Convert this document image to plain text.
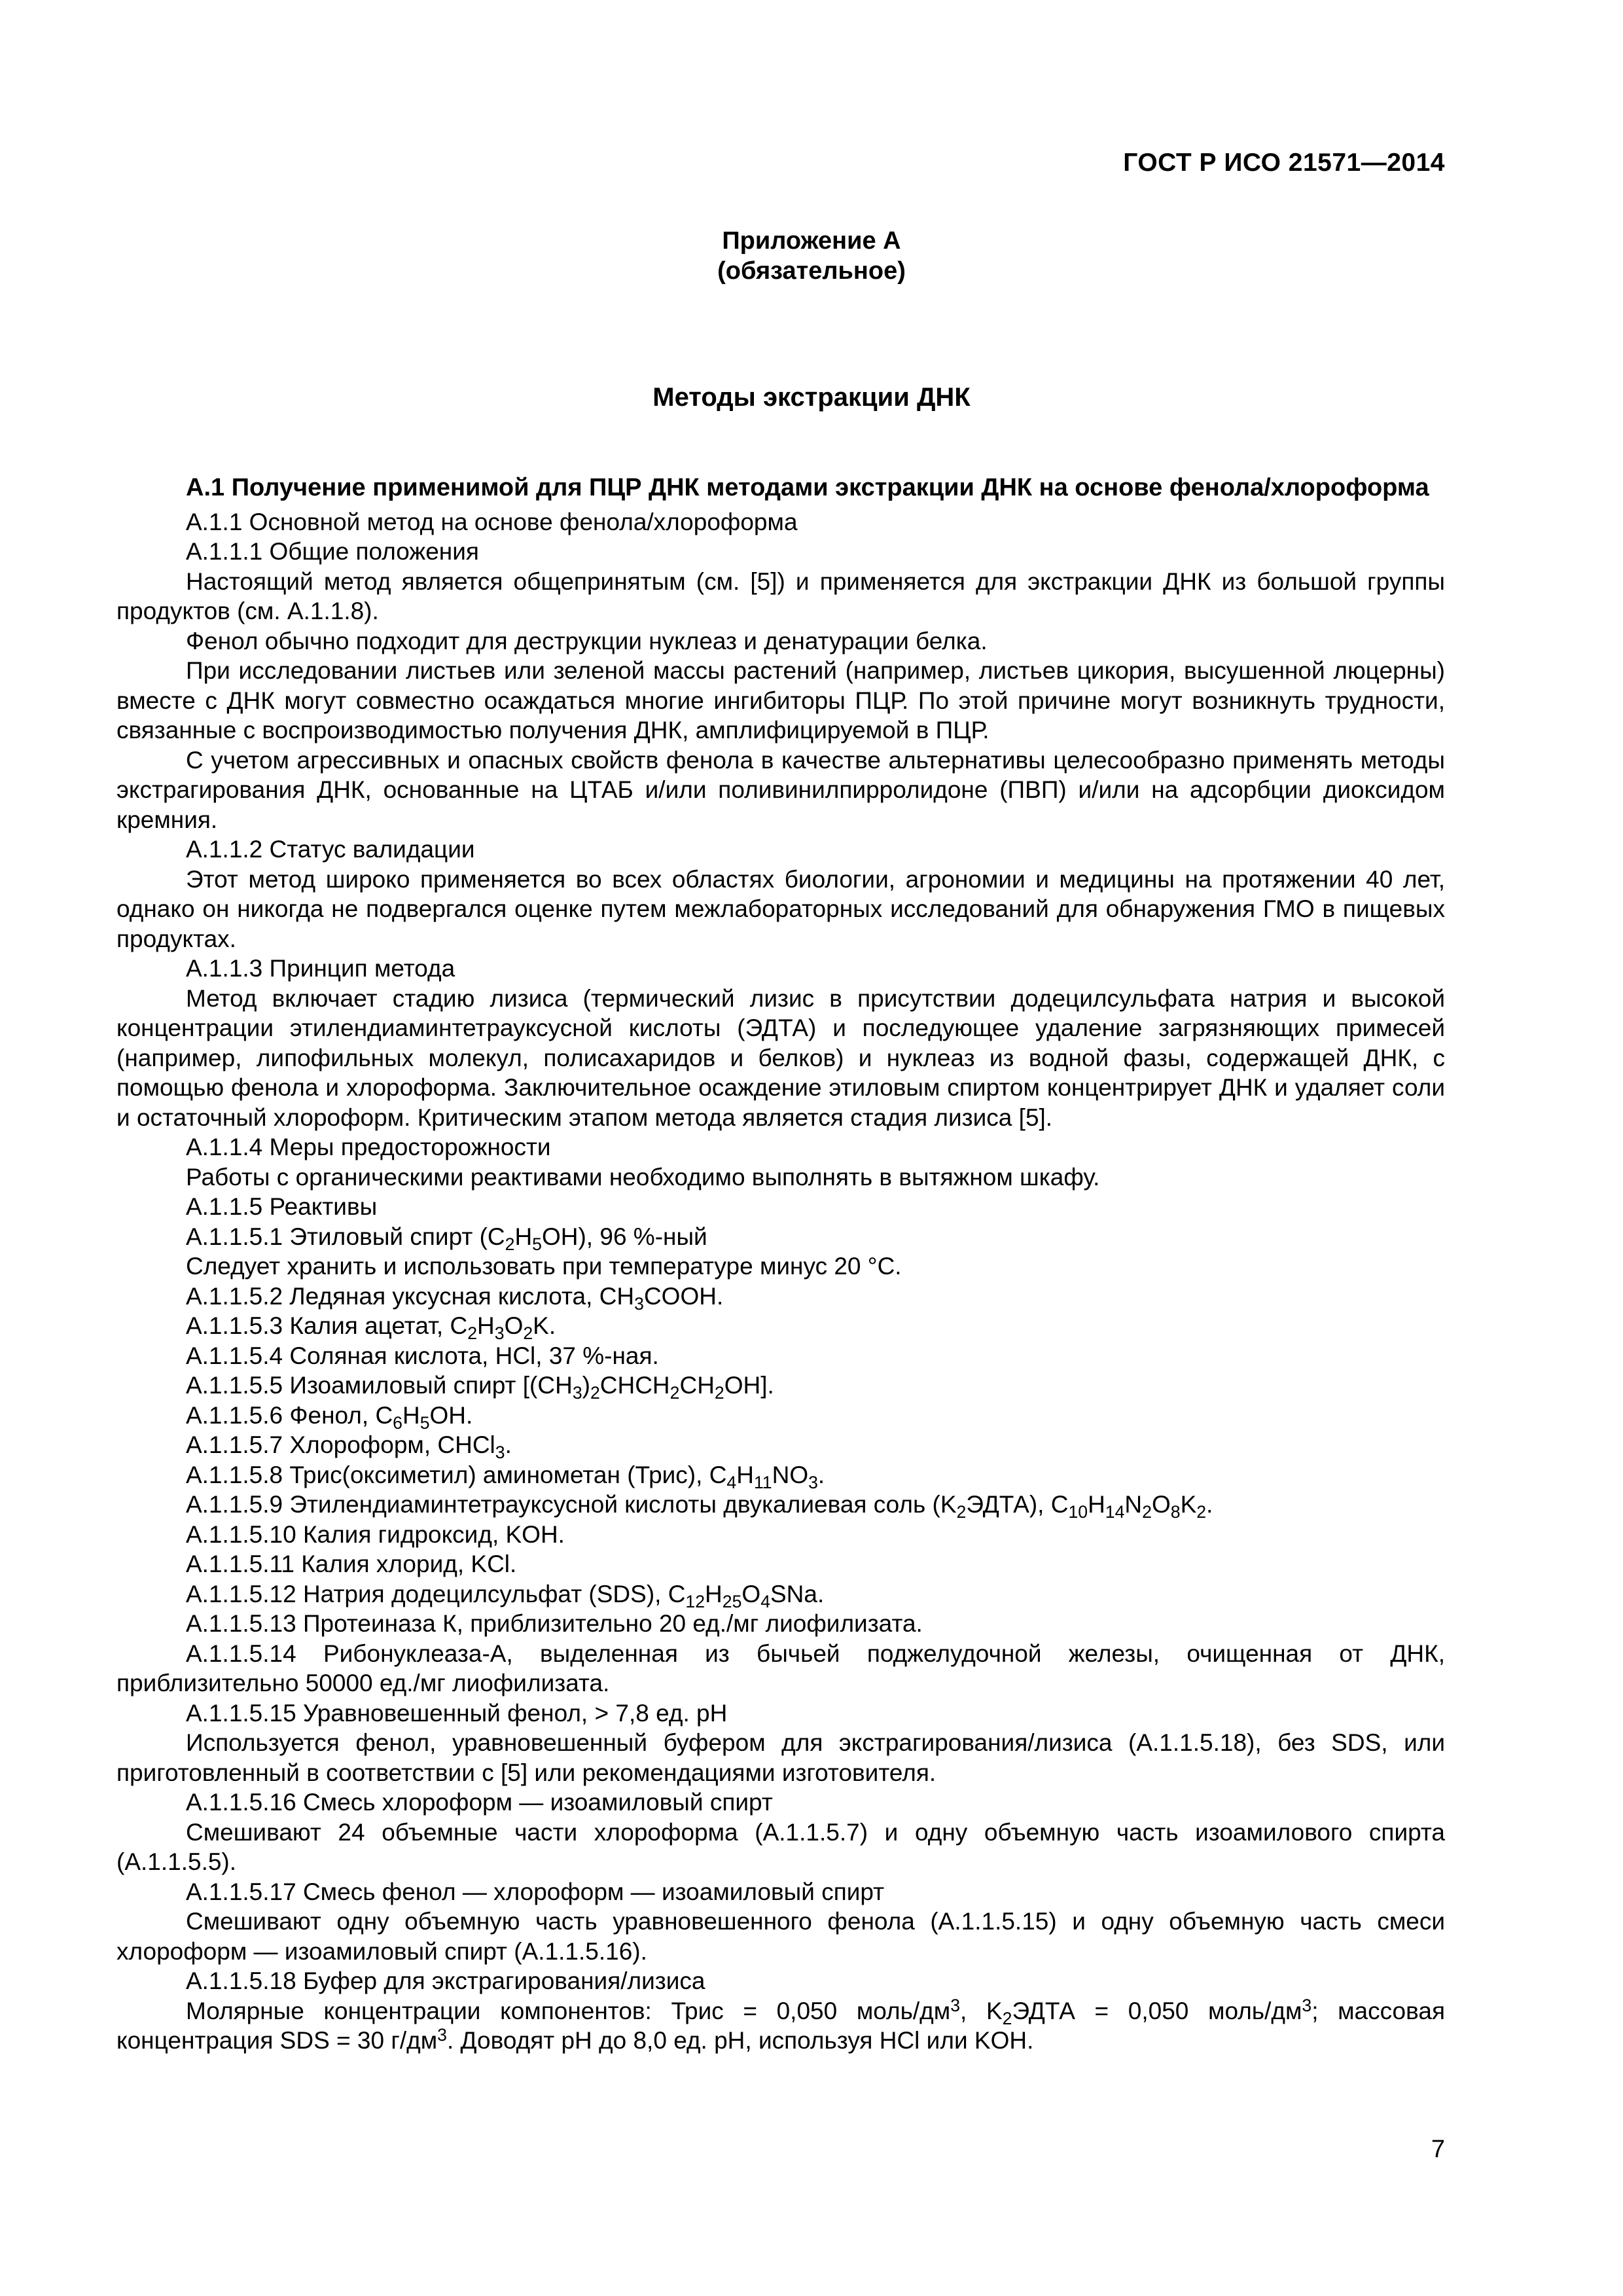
ГОСТ Р ИСО 21571—2014
Приложение А
(обязательное)
Методы экстракции ДНК

А.1 Получение применимой для ПЦР ДНК методами экстракции ДНК на основе фенола/хлороформа

А.1.1 Основной метод на основе фенола/хлороформа

А.1.1.1 Общие положения

Настоящий метод является общепринятым (см. [5]) и применяется для экстракции ДНК из большой группы продуктов (см. А.1.1.8).

Фенол обычно подходит для деструкции нуклеаз и денатурации белка.

При исследовании листьев или зеленой массы растений (например, листьев цикория, высушенной люцерны) вместе с ДНК могут совместно осаждаться многие ингибиторы ПЦР. По этой причине могут возникнуть трудности, связанные с воспроизводимостью получения ДНК, амплифицируемой в ПЦР.

С учетом агрессивных и опасных свойств фенола в качестве альтернативы целесообразно применять методы экстрагирования ДНК, основанные на ЦТАБ и/или поливинилпирролидоне (ПВП) и/или на адсорбции диоксидом кремния.

А.1.1.2 Статус валидации

Этот метод широко применяется во всех областях биологии, агрономии и медицины на протяжении 40 лет, однако он никогда не подвергался оценке путем межлабораторных исследований для обнаружения ГМО в пищевых продуктах.

А.1.1.3 Принцип метода

Метод включает стадию лизиса (термический лизис в присутствии додецилсульфата натрия и высокой концентрации этилендиаминтетрауксусной кислоты (ЭДТА) и последующее удаление загрязняющих примесей (например, липофильных молекул, полисахаридов и белков) и нуклеаз из водной фазы, содержащей ДНК, с помощью фенола и хлороформа. Заключительное осаждение этиловым спиртом концентрирует ДНК и удаляет соли и остаточный хлороформ. Критическим этапом метода является стадия лизиса [5].

А.1.1.4 Меры предосторожности

Работы с органическими реактивами необходимо выполнять в вытяжном шкафу.

А.1.1.5 Реактивы

А.1.1.5.1 Этиловый спирт $(C_2H_5OH)$, 96 %-ный

Следует хранить и использовать при температуре минус 20 °С.

А.1.1.5.2 Ледяная уксусная кислота, $CH_3COOH$.

А.1.1.5.3 Калия ацетат, $C_2H_3O_2K$.

А.1.1.5.4 Соляная кислота, HCl, 37 %-ная.

А.1.1.5.5 Изоамиловый спирт $[(CH_3)_2CHCH_2CH_2OH]$.

А.1.1.5.6 Фенол, $C_6H_5OH$.

А.1.1.5.7 Хлороформ, CHCl$_3$.

А.1.1.5.8 Трис(оксиметил) аминометан (Трис), $C_4H_{11}NO_3$.

А.1.1.5.9 Этилендиаминтетрауксусной кислоты двукалиевая соль $(K_2ЭДТА)$, $C_{10}H_{14}N_2O_8K_2$.

А.1.1.5.10 Калия гидроксид, KOH.

А.1.1.5.11 Калия хлорид, KCl.

А.1.1.5.12 Натрия додецилсульфат (SDS), $C_{12}H_{25}O_4SNa$.

А.1.1.5.13 Протеиназа К, приблизительно 20 ед./мг лиофилизата.

А.1.1.5.14 Рибонуклеаза-А, выделенная из бычьей поджелудочной железы, очищенная от ДНК, приблизительно 50000 ед./мг лиофилизата.

А.1.1.5.15 Уравновешенный фенол, > 7,8 ед. рН

Используется фенол, уравновешенный буфером для экстрагирования/лизиса (А.1.1.5.18), без SDS, или приготовленный в соответствии с [5] или рекомендациями изготовителя.

А.1.1.5.16 Смесь хлороформ — изоамиловый спирт

Смешивают 24 объемные части хлороформа (А.1.1.5.7) и одну объемную часть изоамилового спирта (А.1.1.5.5).

А.1.1.5.17 Смесь фенол — хлороформ — изоамиловый спирт

Смешивают одну объемную часть уравновешенного фенола (А.1.1.5.15) и одну объемную часть смеси хлороформ — изоамиловый спирт (А.1.1.5.16).

А.1.1.5.18 Буфер для экстрагирования/лизиса

Молярные концентрации компонентов: Трис = 0,050 моль/$дм^3$, $K_2ЭДТА = 0,050$ моль/$дм^3$; массовая концентрация SDS = 30 $г/дм^3$. Доводят рН до 8,0 ед. рН, используя HCl или KOH.

7
